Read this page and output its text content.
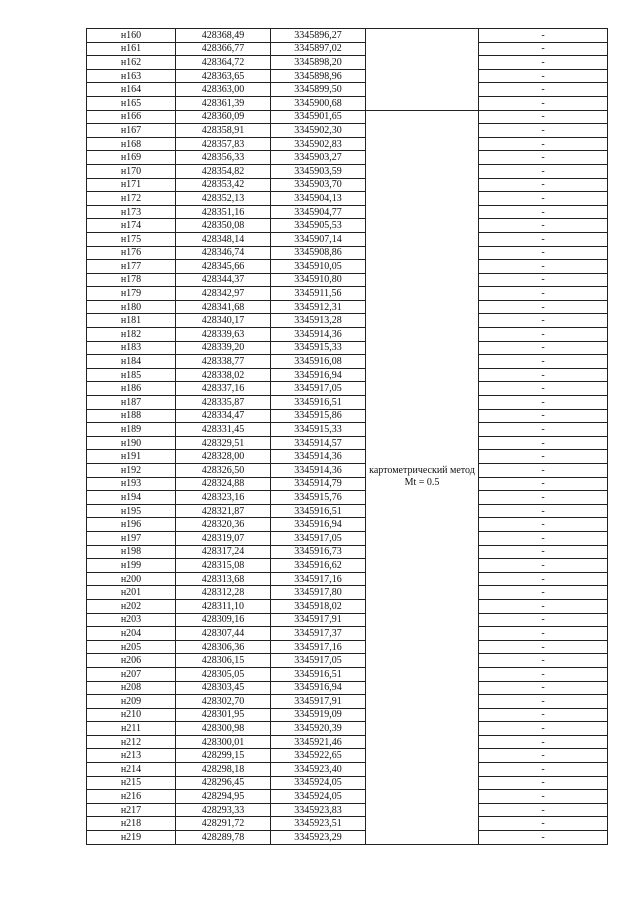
н160	428368,49	3345896,27		-
н161	428366,77	3345897,02		-
н162	428364,72	3345898,20		-
н163	428363,65	3345898,96		-
н164	428363,00	3345899,50		-
н165	428361,39	3345900,68		-
н166	428360,09	3345901,65	картометрический метод Mt = 0.5	-
н167	428358,91	3345902,30		-
н168	428357,83	3345902,83		-
н169	428356,33	3345903,27		-
н170	428354,82	3345903,59		-
н171	428353,42	3345903,70		-
н172	428352,13	3345904,13		-
н173	428351,16	3345904,77		-
н174	428350,08	3345905,53		-
н175	428348,14	3345907,14		-
н176	428346,74	3345908,86		-
н177	428345,66	3345910,05		-
н178	428344,37	3345910,80		-
н179	428342,97	3345911,56		-
н180	428341,68	3345912,31		-
н181	428340,17	3345913,28		-
н182	428339,63	3345914,36		-
н183	428339,20	3345915,33		-
н184	428338,77	3345916,08		-
н185	428338,02	3345916,94		-
н186	428337,16	3345917,05		-
н187	428335,87	3345916,51		-
н188	428334,47	3345915,86		-
н189	428331,45	3345915,33		-
н190	428329,51	3345914,57		-
н191	428328,00	3345914,36		-
н192	428326,50	3345914,36		-
н193	428324,88	3345914,79		-
н194	428323,16	3345915,76		-
н195	428321,87	3345916,51		-
н196	428320,36	3345916,94		-
н197	428319,07	3345917,05		-
н198	428317,24	3345916,73		-
н199	428315,08	3345916,62		-
н200	428313,68	3345917,16		-
н201	428312,28	3345917,80		-
н202	428311,10	3345918,02		-
н203	428309,16	3345917,91		-
н204	428307,44	3345917,37		-
н205	428306,36	3345917,16		-
н206	428306,15	3345917,05		-
н207	428305,05	3345916,51		-
н208	428303,45	3345916,94		-
н209	428302,70	3345917,91		-
н210	428301,95	3345919,09		-
н211	428300,98	3345920,39		-
н212	428300,01	3345921,46		-
н213	428299,15	3345922,65		-
н214	428298,18	3345923,40		-
н215	428296,45	3345924,05		-
н216	428294,95	3345924,05		-
н217	428293,33	3345923,83		-
н218	428291,72	3345923,51		-
н219	428289,78	3345923,29		-
